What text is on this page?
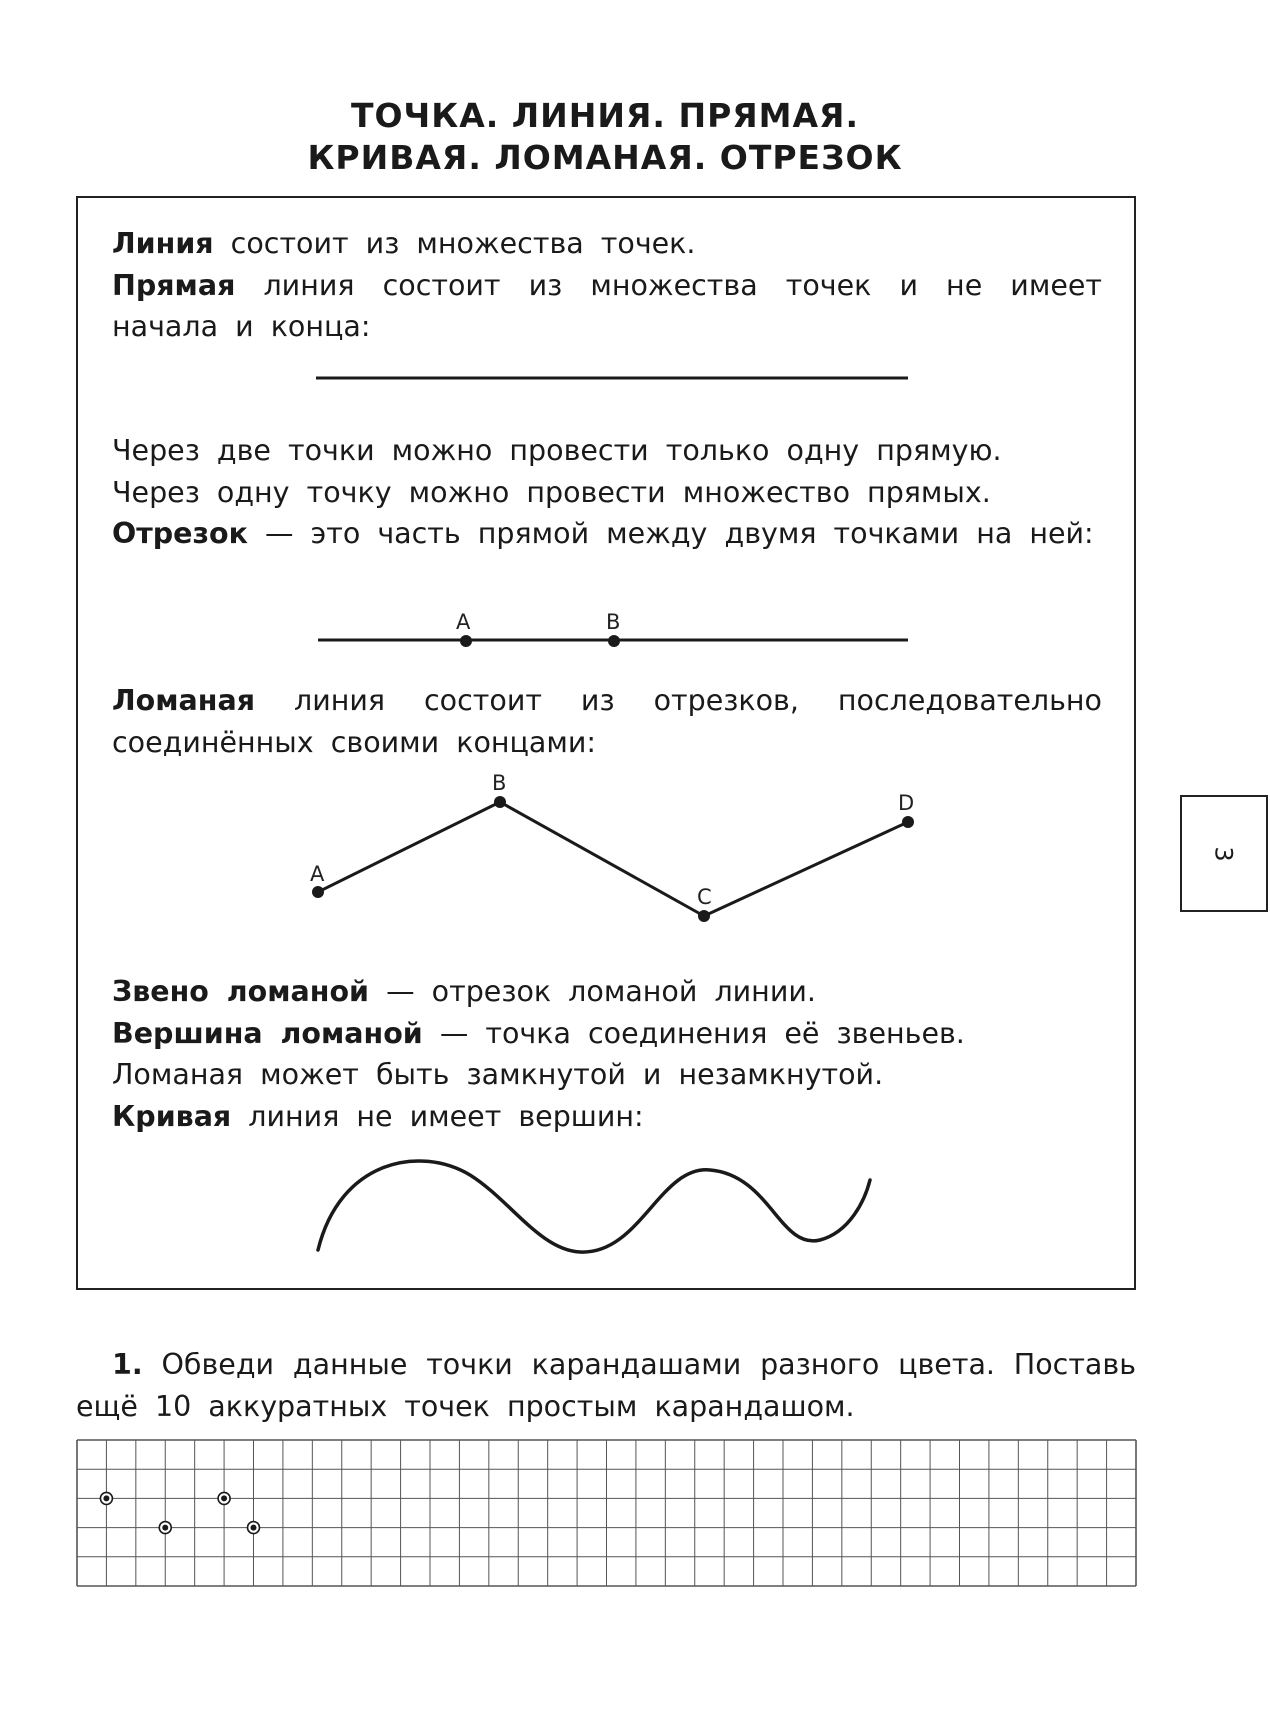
ТОЧКА. ЛИНИЯ. ПРЯМАЯ.
КРИВАЯ. ЛОМАНАЯ. ОТРЕЗОК

Линия состоит из множества точек.

Прямая линия состоит из множества точек и не имеет начала и конца:

A	B
A
B
C
D

Через две точки можно провести только одну прямую.

Через одну точку можно провести множество прямых.

Отрезок — это часть прямой между двумя точками на ней:

Ломаная линия состоит из отрезков, последовательно соединённых своими концами:

Звено ломаной — отрезок ломаной линии.

Вершина ломаной — точка соединения её звеньев.

Ломаная может быть замкнутой и незамкнутой.

Кривая линия не имеет вершин:

3

1. Обведи данные точки карандашами разного цвета. Поставь ещё 10 аккуратных точек простым карандашом.
